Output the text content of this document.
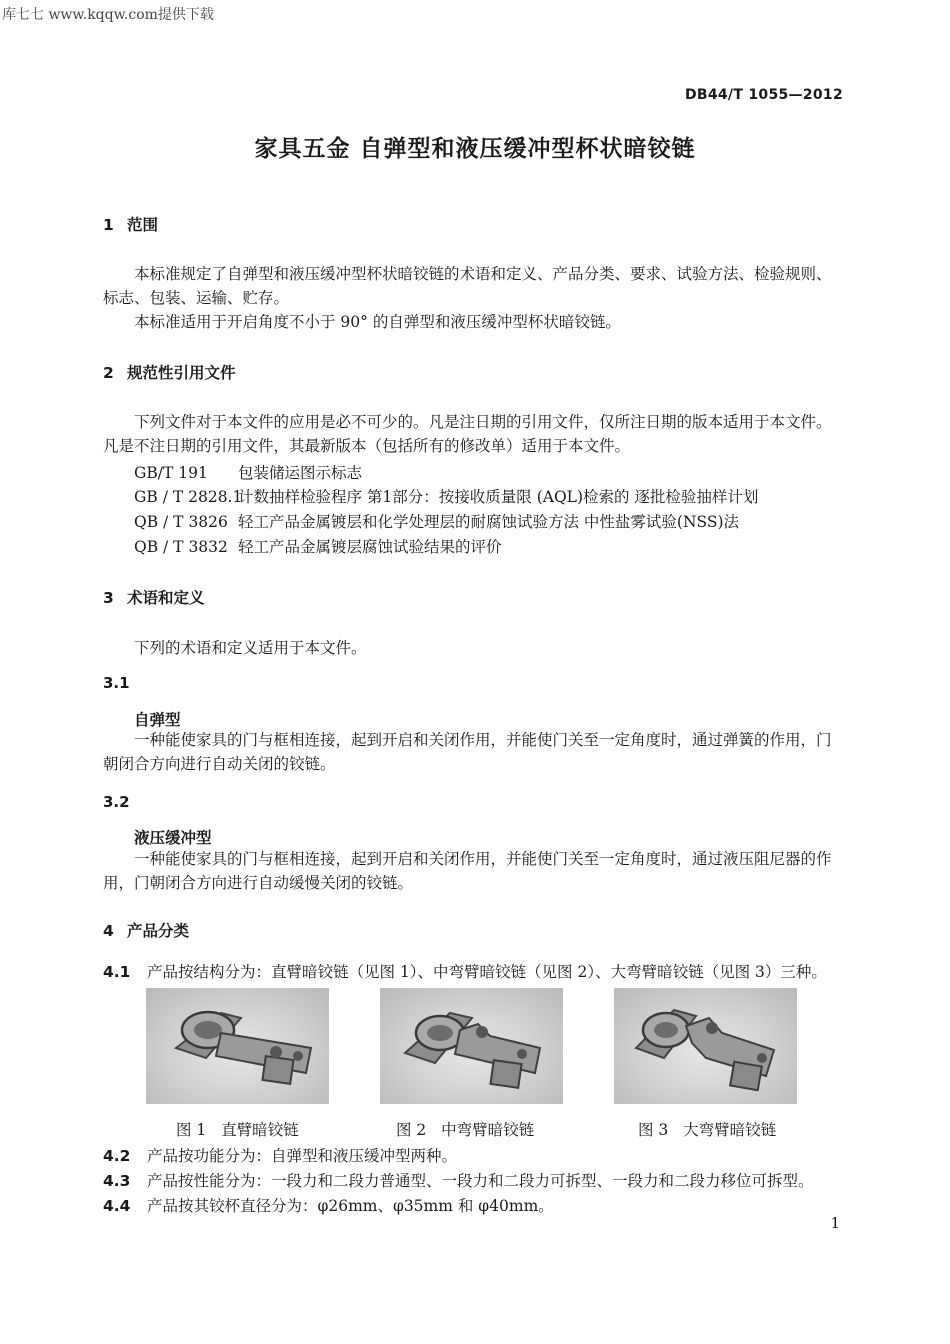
库七七 www.kqqw.com提供下载
DB44/T 1055—2012
家具五金 自弹型和液压缓冲型杯状暗铰链
1 范围
本标准规定了自弹型和液压缓冲型杯状暗铰链的术语和定义、产品分类、要求、试验方法、检验规则、标志、包装、运输、贮存。
本标准适用于开启角度不小于 90° 的自弹型和液压缓冲型杯状暗铰链。
2 规范性引用文件
下列文件对于本文件的应用是必不可少的。凡是注日期的引用文件，仅所注日期的版本适用于本文件。凡是不注日期的引用文件，其最新版本（包括所有的修改单）适用于本文件。
GB/T 191 包装储运图示标志
GB / T 2828.1计数抽样检验程序 第1部分：按接收质量限 (AQL)检索的 逐批检验抽样计划
QB / T 3826 轻工产品金属镀层和化学处理层的耐腐蚀试验方法 中性盐雾试验(NSS)法
QB / T 3832 轻工产品金属镀层腐蚀试验结果的评价
3 术语和定义
下列的术语和定义适用于本文件。
3.1
自弹型
一种能使家具的门与框相连接，起到开启和关闭作用，并能使门关至一定角度时，通过弹簧的作用，门朝闭合方向进行自动关闭的铰链。
3.2
液压缓冲型
一种能使家具的门与框相连接，起到开启和关闭作用，并能使门关至一定角度时，通过液压阻尼器的作用，门朝闭合方向进行自动缓慢关闭的铰链。
4 产品分类
4.1 产品按结构分为：直臂暗铰链（见图 1）、中弯臂暗铰链（见图 2）、大弯臂暗铰链（见图 3）三种。
图 1 直臂暗铰链	图 2 中弯臂暗铰链	图 3 大弯臂暗铰链
4.2 产品按功能分为：自弹型和液压缓冲型两种。
4.3 产品按性能分为：一段力和二段力普通型、一段力和二段力可拆型、一段力和二段力移位可拆型。
4.4 产品按其铰杯直径分为：φ26mm、φ35mm 和 φ40mm。
1
